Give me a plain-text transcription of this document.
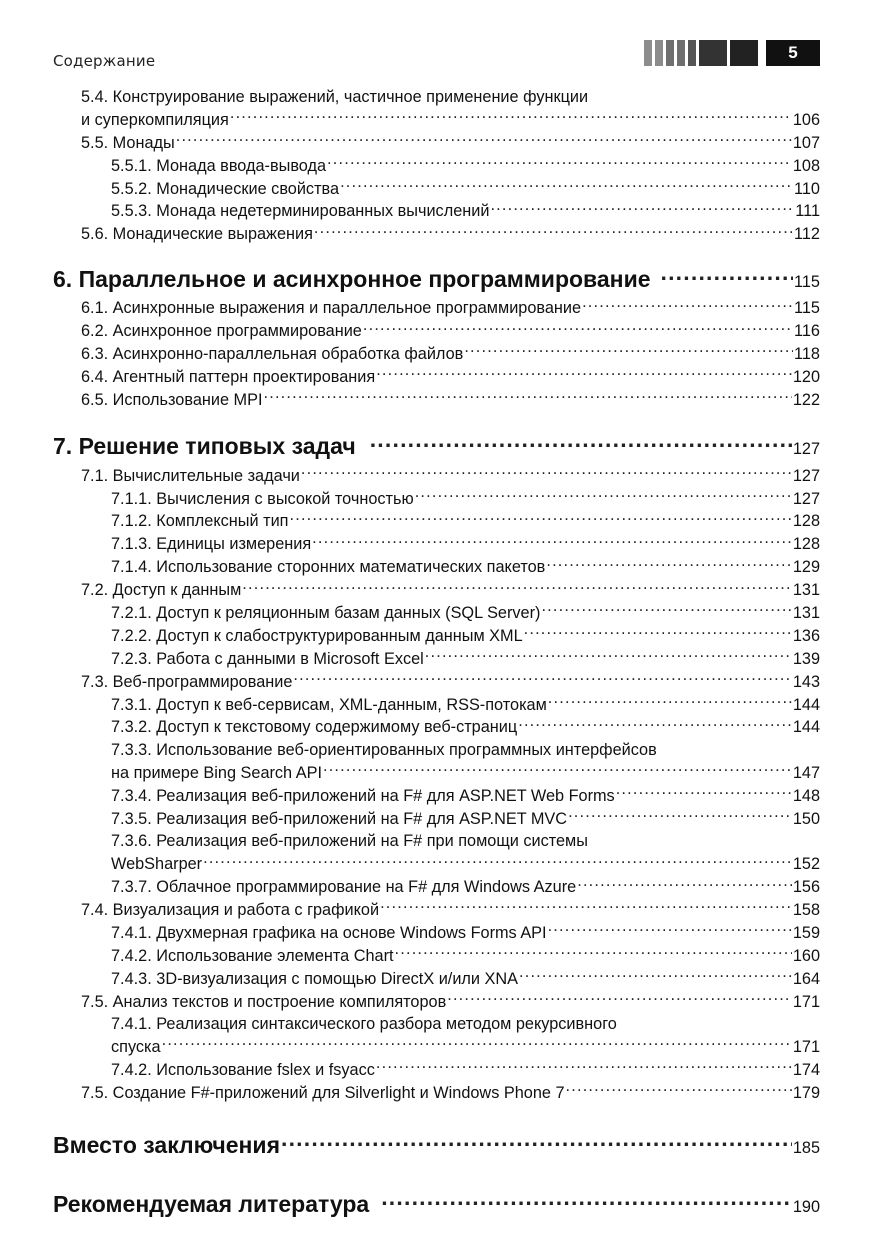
Содержание	5
5.4. Конструирование выражений, частичное применение функции
и суперкомпиляция .....	106
5.5. Монады .....	107
5.5.1. Монада ввода-вывода .....	108
5.5.2. Монадические свойства .....	110
5.5.3. Монада недетерминированных вычислений .....	111
5.6. Монадические выражения .....	112
6. Параллельное и асинхронное программирование .....	115
6.1. Асинхронные выражения и параллельное программирование .....	115
6.2. Асинхронное программирование .....	116
6.3. Асинхронно-параллельная обработка файлов .....	118
6.4. Агентный паттерн проектирования .....	120
6.5. Использование MPI .....	122
7. Решение типовых задач .....	127
7.1. Вычислительные задачи .....	127
7.1.1. Вычисления с высокой точностью .....	127
7.1.2. Комплексный тип .....	128
7.1.3. Единицы измерения .....	128
7.1.4. Использование сторонних математических пакетов .....	129
7.2. Доступ к данным .....	131
7.2.1. Доступ к реляционным базам данных (SQL Server) .....	131
7.2.2. Доступ к слабоструктурированным данным XML .....	136
7.2.3. Работа с данными в Microsoft Excel .....	139
7.3. Веб-программирование .....	143
7.3.1. Доступ к веб-сервисам, XML-данным, RSS-потокам .....	144
7.3.2. Доступ к текстовому содержимому веб-страниц .....	144
7.3.3. Использование веб-ориентированных программных интерфейсов
на примере Bing Search API .....	147
7.3.4. Реализация веб-приложений на F# для ASP.NET Web Forms .....	148
7.3.5. Реализация веб-приложений на F# для ASP.NET MVC .....	150
7.3.6. Реализация веб-приложений на F# при помощи системы
WebSharper .....	152
7.3.7. Облачное программирование на F# для Windows Azure .....	156
7.4. Визуализация и работа с графикой .....	158
7.4.1. Двухмерная графика на основе Windows Forms API .....	159
7.4.2. Использование элемента Chart .....	160
7.4.3. 3D-визуализация с помощью DirectX и/или XNA .....	164
7.5. Анализ текстов и построение компиляторов .....	171
7.4.1. Реализация синтаксического разбора методом рекурсивного
спуска .....	171
7.4.2. Использование fslex и fsyacc .....	174
7.5. Создание F#-приложений для Silverlight и Windows Phone 7 .....	179
Вместо заключения .....	185
Рекомендуемая литература .....	190
